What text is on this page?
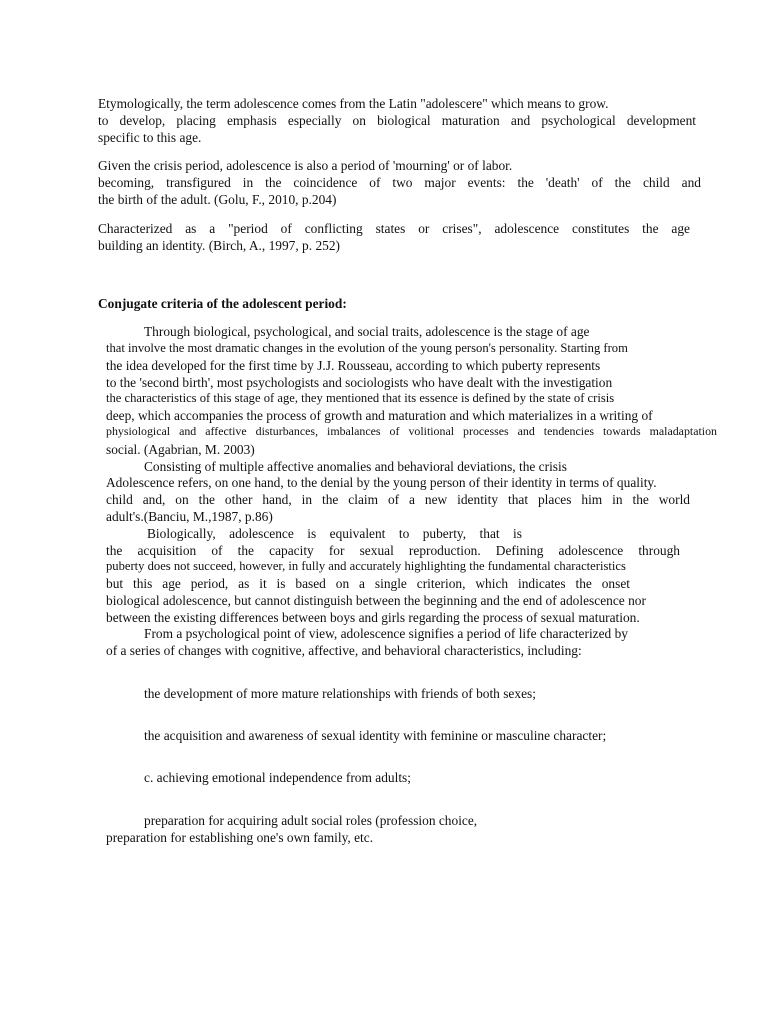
Etymologically, the term adolescence comes from the Latin "adolescere" which means to grow.
to develop, placing emphasis especially on biological maturation and psychological development
specific to this age.
Given the crisis period, adolescence is also a period of 'mourning' or of labor.
becoming, transfigured in the coincidence of two major events: the 'death' of the child and
the birth of the adult. (Golu, F., 2010, p.204)
Characterized as a "period of conflicting states or crises", adolescence constitutes the age
building an identity. (Birch, A., 1997, p. 252)
Conjugate criteria of the adolescent period:
Through biological, psychological, and social traits, adolescence is the stage of age
that involve the most dramatic changes in the evolution of the young person's personality. Starting from
the idea developed for the first time by J.J. Rousseau, according to which puberty represents
to the 'second birth', most psychologists and sociologists who have dealt with the investigation
the characteristics of this stage of age, they mentioned that its essence is defined by the state of crisis
deep, which accompanies the process of growth and maturation and which materializes in a writing of
physiological and affective disturbances, imbalances of volitional processes and tendencies towards maladaptation
social. (Agabrian, M. 2003)
Consisting of multiple affective anomalies and behavioral deviations, the crisis
Adolescence refers, on one hand, to the denial by the young person of their identity in terms of quality.
child and, on the other hand, in the claim of a new identity that places him in the world
adult's.(Banciu, M.,1987, p.86)
Biologically, adolescence is equivalent to puberty, that is
the acquisition of the capacity for sexual reproduction. Defining adolescence through
puberty does not succeed, however, in fully and accurately highlighting the fundamental characteristics
but this age period, as it is based on a single criterion, which indicates the onset
biological adolescence, but cannot distinguish between the beginning and the end of adolescence nor
between the existing differences between boys and girls regarding the process of sexual maturation.
From a psychological point of view, adolescence signifies a period of life characterized by
of a series of changes with cognitive, affective, and behavioral characteristics, including:
the development of more mature relationships with friends of both sexes;
the acquisition and awareness of sexual identity with feminine or masculine character;
c. achieving emotional independence from adults;
preparation for acquiring adult social roles (profession choice,
preparation for establishing one's own family, etc.
